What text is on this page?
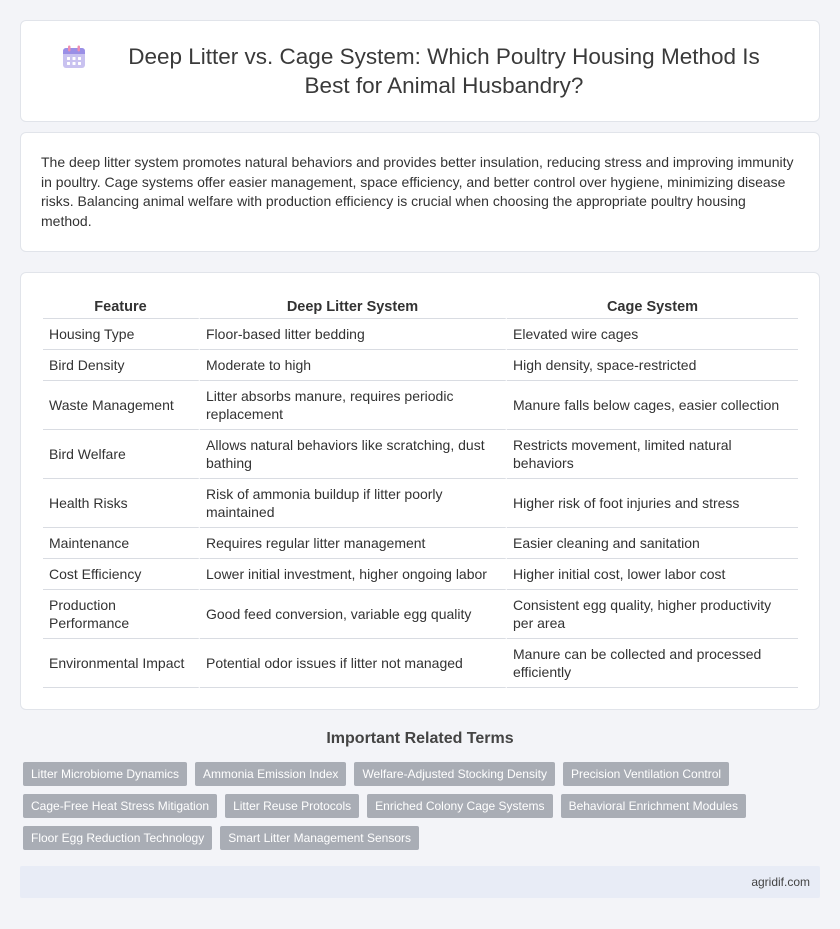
Deep Litter vs. Cage System: Which Poultry Housing Method Is Best for Animal Husbandry?

The deep litter system promotes natural behaviors and provides better insulation, reducing stress and improving immunity in poultry. Cage systems offer easier management, space efficiency, and better control over hygiene, minimizing disease risks. Balancing animal welfare with production efficiency is crucial when choosing the appropriate poultry housing method.

Feature	Deep Litter System	Cage System
Housing Type	Floor-based litter bedding	Elevated wire cages
Bird Density	Moderate to high	High density, space-restricted
Waste Management	Litter absorbs manure, requires periodic replacement	Manure falls below cages, easier collection
Bird Welfare	Allows natural behaviors like scratching, dust bathing	Restricts movement, limited natural behaviors
Health Risks	Risk of ammonia buildup if litter poorly maintained	Higher risk of foot injuries and stress
Maintenance	Requires regular litter management	Easier cleaning and sanitation
Cost Efficiency	Lower initial investment, higher ongoing labor	Higher initial cost, lower labor cost
Production Performance	Good feed conversion, variable egg quality	Consistent egg quality, higher productivity per area
Environmental Impact	Potential odor issues if litter not managed	Manure can be collected and processed efficiently
Important Related Terms
Litter Microbiome Dynamics	Ammonia Emission Index	Welfare-Adjusted Stocking Density	Precision Ventilation Control
Cage-Free Heat Stress Mitigation	Litter Reuse Protocols	Enriched Colony Cage Systems	Behavioral Enrichment Modules
Floor Egg Reduction Technology	Smart Litter Management Sensors
agridif.com
